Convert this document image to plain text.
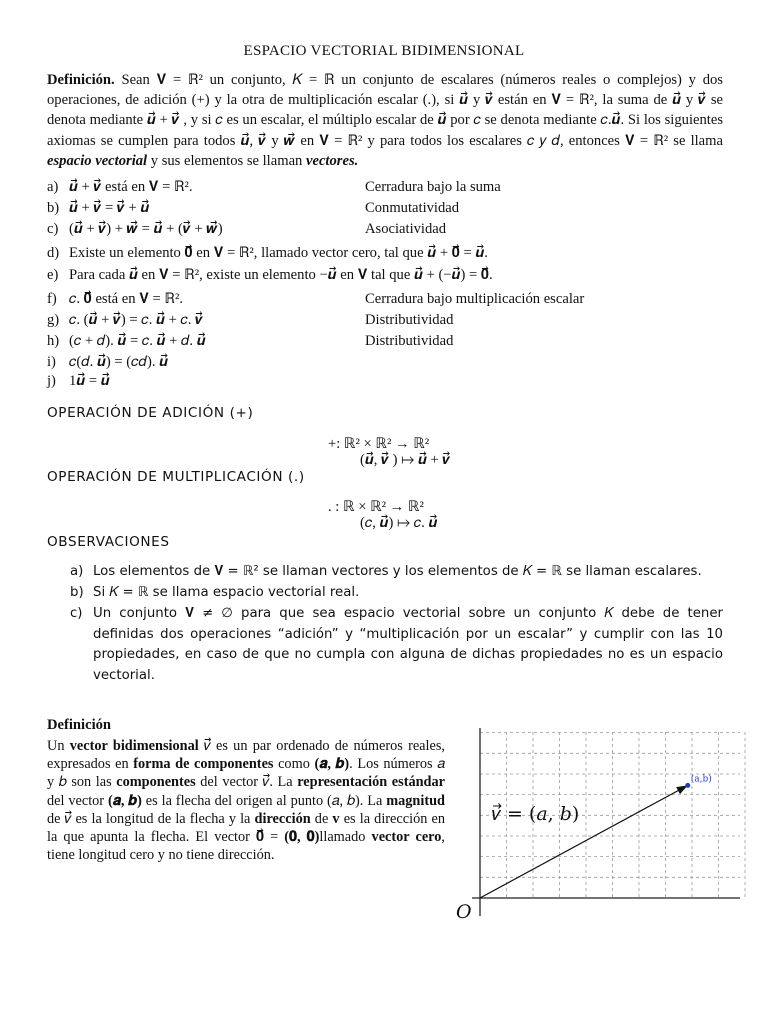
ESPACIO VECTORIAL BIDIMENSIONAL
Definición. Sean 𝐕 = ℝ² un conjunto, 𝐾 = ℝ un conjunto de escalares (números reales o complejos) y dos operaciones, de adición (+) y la otra de multiplicación escalar (.), si 𝒖⃗ y 𝒗⃗ están en 𝐕 = ℝ², la suma de 𝒖⃗ y 𝒗⃗ se denota mediante 𝒖⃗ + 𝒗⃗ , y si 𝑐 es un escalar, el múltiplo escalar de 𝒖⃗ por 𝑐 se denota mediante 𝑐.𝒖⃗. Si los siguientes axiomas se cumplen para todos 𝒖⃗, 𝒗⃗ y 𝒘⃗ en 𝐕 = ℝ² y para todos los escalares 𝑐 𝑦 𝑑, entonces 𝐕 = ℝ² se llama espacio vectorial y sus elementos se llaman vectores.
a) 𝒖⃗ + 𝒗⃗ está en 𝐕 = ℝ².	Cerradura bajo la suma
b) 𝒖⃗ + 𝒗⃗ = 𝒗⃗ + 𝒖⃗	Conmutatividad
c) (𝒖⃗ + 𝒗⃗) + 𝒘⃗ = 𝒖⃗ + (𝒗⃗ + 𝒘⃗)	Asociatividad
d) Existe un elemento 𝟎⃗ en 𝐕 = ℝ², llamado vector cero, tal que 𝒖⃗ + 𝟎⃗ = 𝒖⃗.
e) Para cada 𝒖⃗ en 𝐕 = ℝ², existe un elemento −𝒖⃗ en 𝐕 tal que 𝒖⃗ + (−𝒖⃗) = 𝟎⃗.
f) 𝑐. 𝟎⃗ está en 𝐕 = ℝ².	Cerradura bajo multiplicación escalar
g) 𝑐. (𝒖⃗ + 𝒗⃗) = 𝑐. 𝒖⃗ + 𝑐. 𝒗⃗	Distributividad
h) (𝑐 + 𝑑). 𝒖⃗ = 𝑐. 𝒖⃗ + 𝑑. 𝒖⃗	Distributividad
i) 𝑐(𝑑. 𝒖⃗) = (𝑐𝑑). 𝒖⃗
j) 1𝒖⃗ = 𝒖⃗
OPERACIÓN DE ADICIÓN (+)
+: ℝ² × ℝ² → ℝ²
(𝒖⃗, 𝒗⃗ ) ↦ 𝒖⃗ + 𝒗⃗
OPERACIÓN DE MULTIPLICACIÓN (.)
. : ℝ × ℝ² → ℝ²
(𝑐, 𝒖⃗) ↦ 𝑐. 𝒖⃗
OBSERVACIONES
a) Los elementos de 𝐕 = ℝ² se llaman vectores y los elementos de 𝐾 = ℝ se llaman escalares.
b) Si 𝐾 = ℝ se llama espacio vectorial real.
c) Un conjunto 𝐕 ≠ ∅ para que sea espacio vectorial sobre un conjunto 𝐾 debe de tener definidas dos operaciones “adición” y “multiplicación por un escalar” y cumplir con las 10 propiedades, en caso de que no cumpla con alguna de dichas propiedades no es un espacio vectorial.
Definición
Un vector bidimensional 𝑣⃗ es un par ordenado de números reales, expresados en forma de componentes como (𝒂, 𝒃). Los números 𝑎 y 𝑏 son las componentes del vector 𝑣⃗. La representación estándar del vector (𝒂, 𝒃) es la flecha del origen al punto (𝑎, 𝑏). La magnitud de 𝑣⃗ es la longitud de la flecha y la dirección de v es la dirección en la que apunta la flecha. El vector 𝟎⃗ = (𝟎, 𝟎)llamado vector cero, tiene longitud cero y no tiene dirección.
(a,b)
𝑣⃗ = (𝑎, 𝑏)
O
